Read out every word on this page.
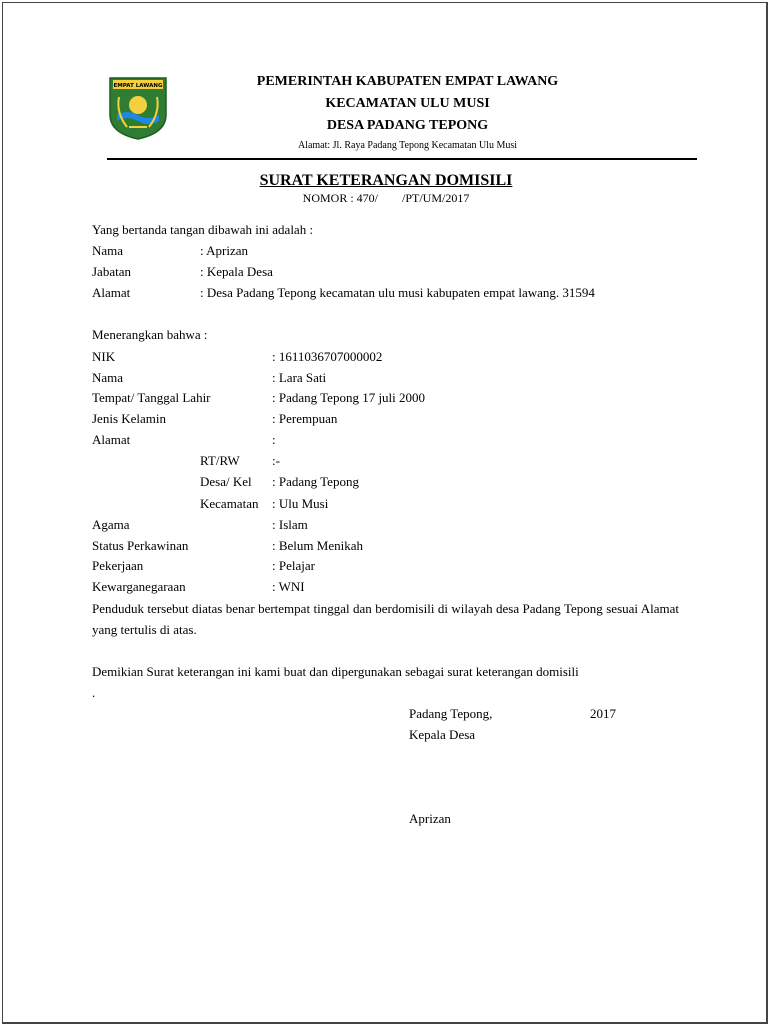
EMPAT LAWANG	PEMERINTAH KABUPATEN EMPAT LAWANG
KECAMATAN ULU MUSI
DESA PADANG TEPONG
Alamat: Jl. Raya Padang Tepong Kecamatan Ulu Musi
SURAT KETERANGAN DOMISILI
NOMOR : 470/ /PT/UM/2017
Yang bertanda tangan dibawah ini adalah :
Nama	: Aprizan
Jabatan	: Kepala Desa
Alamat	: Desa Padang Tepong kecamatan ulu musi kabupaten empat lawang. 31594
Menerangkan bahwa :
NIK	: 1611036707000002
Nama	: Lara Sati
Tempat/ Tanggal Lahir	: Padang Tepong 17 juli 2000
Jenis Kelamin	: Perempuan
Alamat	:
RT/RW :-
Desa/ Kel : Padang Tepong
Kecamatan : Ulu Musi
Agama	: Islam
Status Perkawinan	: Belum Menikah
Pekerjaan	: Pelajar
Kewarganegaraan	: WNI
Penduduk tersebut diatas benar bertempat tinggal dan berdomisili di wilayah desa Padang Tepong sesuai Alamat yang tertulis di atas.
Demikian Surat keterangan ini kami buat dan dipergunakan sebagai surat keterangan domisili
.
Padang Tepong,	2017
Kepala Desa
Aprizan
